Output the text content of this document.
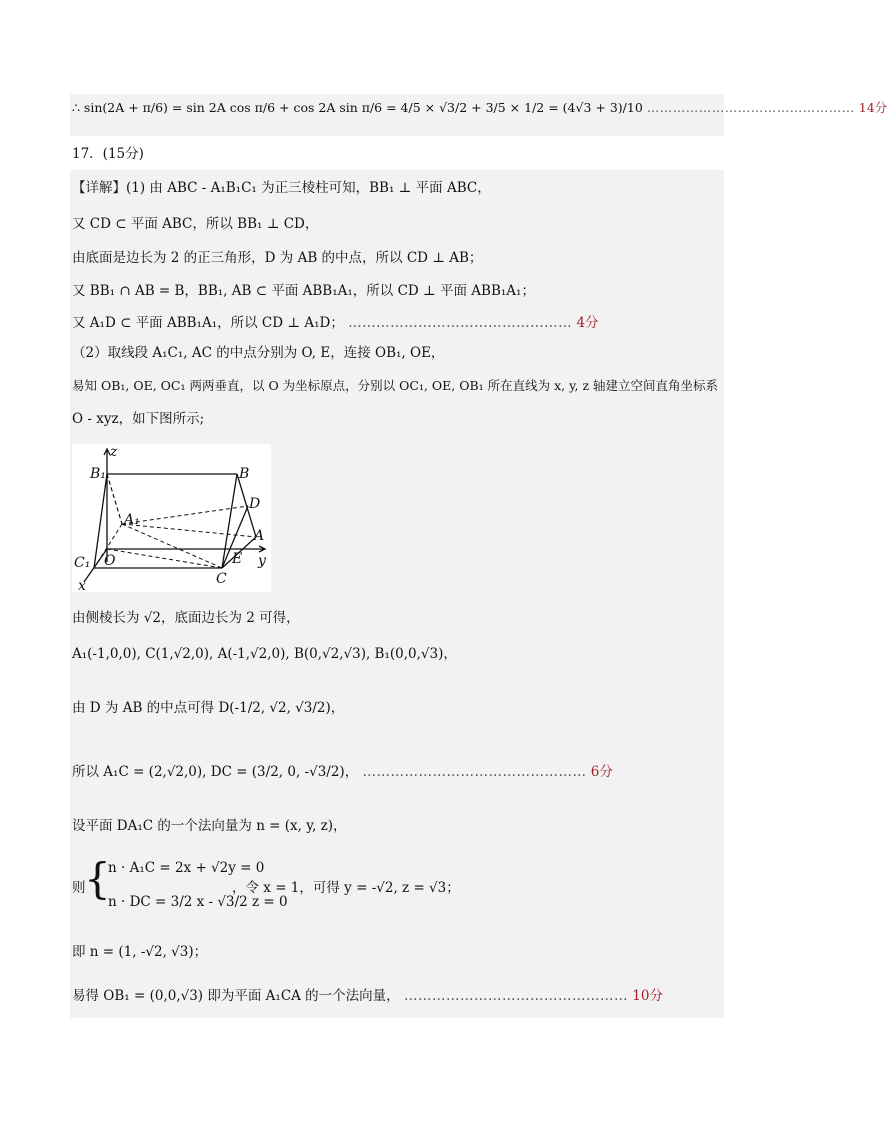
∴ sin(2A + π/6) = sin 2A cos π/6 + cos 2A sin π/6 = 4/5 × √3/2 + 3/5 × 1/2 = (4√3 + 3)/10 ………………………………………… 14分
17．(15分)
【详解】(1) 由 ABC - A₁B₁C₁ 为正三棱柱可知，BB₁ ⊥ 平面 ABC，
又 CD ⊂ 平面 ABC，所以 BB₁ ⊥ CD，
由底面是边长为 2 的正三角形，D 为 AB 的中点，所以 CD ⊥ AB；
又 BB₁ ∩ AB = B，BB₁, AB ⊂ 平面 ABB₁A₁，所以 CD ⊥ 平面 ABB₁A₁；
又 A₁D ⊂ 平面 ABB₁A₁，所以 CD ⊥ A₁D； ………………………………………… 4分
（2）取线段 A₁C₁, AC 的中点分别为 O, E，连接 OB₁, OE，
易知 OB₁, OE, OC₁ 两两垂直，以 O 为坐标原点，分别以 OC₁, OE, OB₁ 所在直线为 x, y, z 轴建立空间直角坐标系
O - xyz，如下图所示;
z
B₁	B
D
A₁
A
C₁ O	E
C
y
x
由侧棱长为 √2，底面边长为 2 可得，
A₁(-1,0,0), C(1,√2,0), A(-1,√2,0), B(0,√2,√3), B₁(0,0,√3)，
由 D 为 AB 的中点可得 D(-1/2, √2, √3/2)，
所以 A₁C = (2,√2,0), DC = (3/2, 0, -√3/2)， ………………………………………… 6分
设平面 DA₁C 的一个法向量为 n = (x, y, z)，
则
{
n · A₁C = 2x + √2y = 0
n · DC = 3/2 x - √3/2 z = 0
，令 x = 1，可得 y = -√2, z = √3；
即 n = (1, -√2, √3)；
易得 OB₁ = (0,0,√3) 即为平面 A₁CA 的一个法向量， ………………………………………… 10分
